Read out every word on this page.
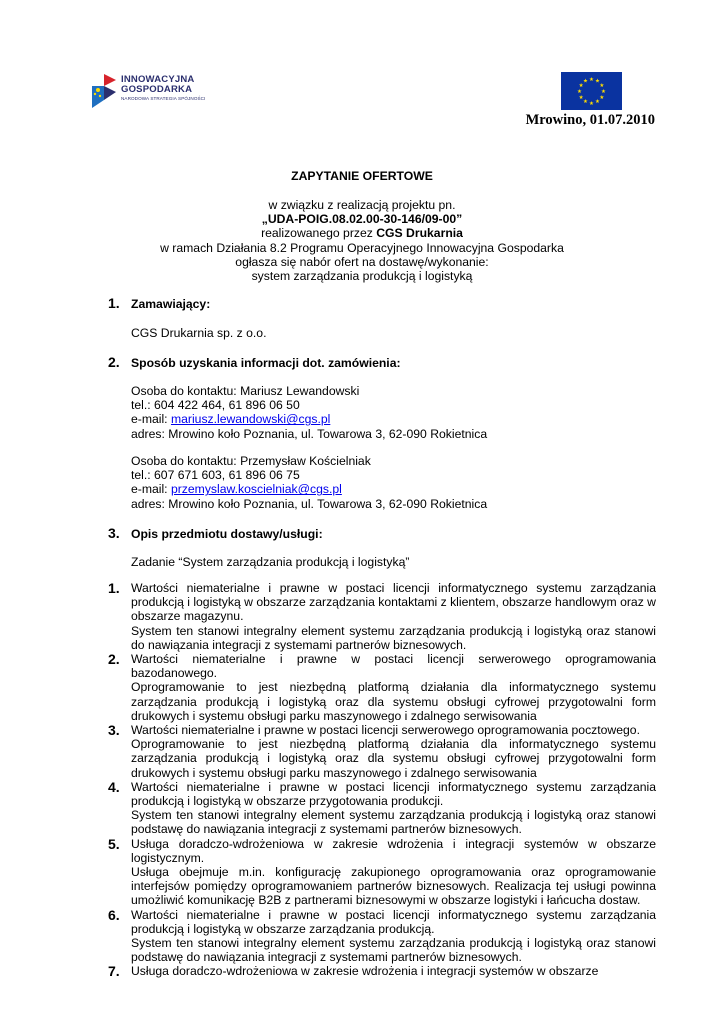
INNOWACYJNA
GOSPODARKA
NARODOWA STRATEGIA SPÓJNOŚCI
★ ★
★
★
★
★
★
★
★
★
★
★
Mrowino, 01.07.2010
ZAPYTANIE OFERTOWE
w związku z realizacją projektu pn.
„UDA-POIG.08.02.00-30-146/09-00”
realizowanego przez CGS Drukarnia
w ramach Działania 8.2 Programu Operacyjnego Innowacyjna Gospodarka
ogłasza się nabór ofert na dostawę/wykonanie:
system zarządzania produkcją i logistyką
1. Zamawiający:
CGS Drukarnia sp. z o.o.
2. Sposób uzyskania informacji dot. zamówienia:
Osoba do kontaktu: Mariusz Lewandowski
tel.: 604 422 464, 61 896 06 50
e-mail: mariusz.lewandowski@cgs.pl
adres: Mrowino koło Poznania, ul. Towarowa 3, 62-090 Rokietnica
Osoba do kontaktu: Przemysław Kościelniak
tel.: 607 671 603, 61 896 06 75
e-mail: przemyslaw.koscielniak@cgs.pl
adres: Mrowino koło Poznania, ul. Towarowa 3, 62-090 Rokietnica
3. Opis przedmiotu dostawy/usługi:
Zadanie “System zarządzania produkcją i logistyką”
1. Wartości niematerialne i prawne w postaci licencji informatycznego systemu zarządzania produkcją i logistyką w obszarze zarządzania kontaktami z klientem, obszarze handlowym oraz w obszarze magazynu.

System ten stanowi integralny element systemu zarządzania produkcją i logistyką oraz stanowi do nawiązania integracji z systemami partnerów biznesowych.

2. Wartości niematerialne i prawne w postaci licencji serwerowego oprogramowania bazodanowego.

Oprogramowanie to jest niezbędną platformą działania dla informatycznego systemu zarządzania produkcją i logistyką oraz dla systemu obsługi cyfrowej przygotowalni form drukowych i systemu obsługi parku maszynowego i zdalnego serwisowania

3. Wartości niematerialne i prawne w postaci licencji serwerowego oprogramowania pocztowego.

Oprogramowanie to jest niezbędną platformą działania dla informatycznego systemu zarządzania produkcją i logistyką oraz dla systemu obsługi cyfrowej przygotowalni form drukowych i systemu obsługi parku maszynowego i zdalnego serwisowania

4. Wartości niematerialne i prawne w postaci licencji informatycznego systemu zarządzania produkcją i logistyką w obszarze przygotowania produkcji.

System ten stanowi integralny element systemu zarządzania produkcją i logistyką oraz stanowi podstawę do nawiązania integracji z systemami partnerów biznesowych.

5. Usługa doradczo-wdrożeniowa w zakresie wdrożenia i integracji systemów w obszarze logistycznym.

Usługa obejmuje m.in. konfigurację zakupionego oprogramowania oraz oprogramowanie interfejsów pomiędzy oprogramowaniem partnerów biznesowych. Realizacja tej usługi powinna umożliwić komunikację B2B z partnerami biznesowymi w obszarze logistyki i łańcucha dostaw.

6. Wartości niematerialne i prawne w postaci licencji informatycznego systemu zarządzania produkcją i logistyką w obszarze zarządzania produkcją.

System ten stanowi integralny element systemu zarządzania produkcją i logistyką oraz stanowi podstawę do nawiązania integracji z systemami partnerów biznesowych.

7. Usługa doradczo-wdrożeniowa w zakresie wdrożenia i integracji systemów w obszarze
